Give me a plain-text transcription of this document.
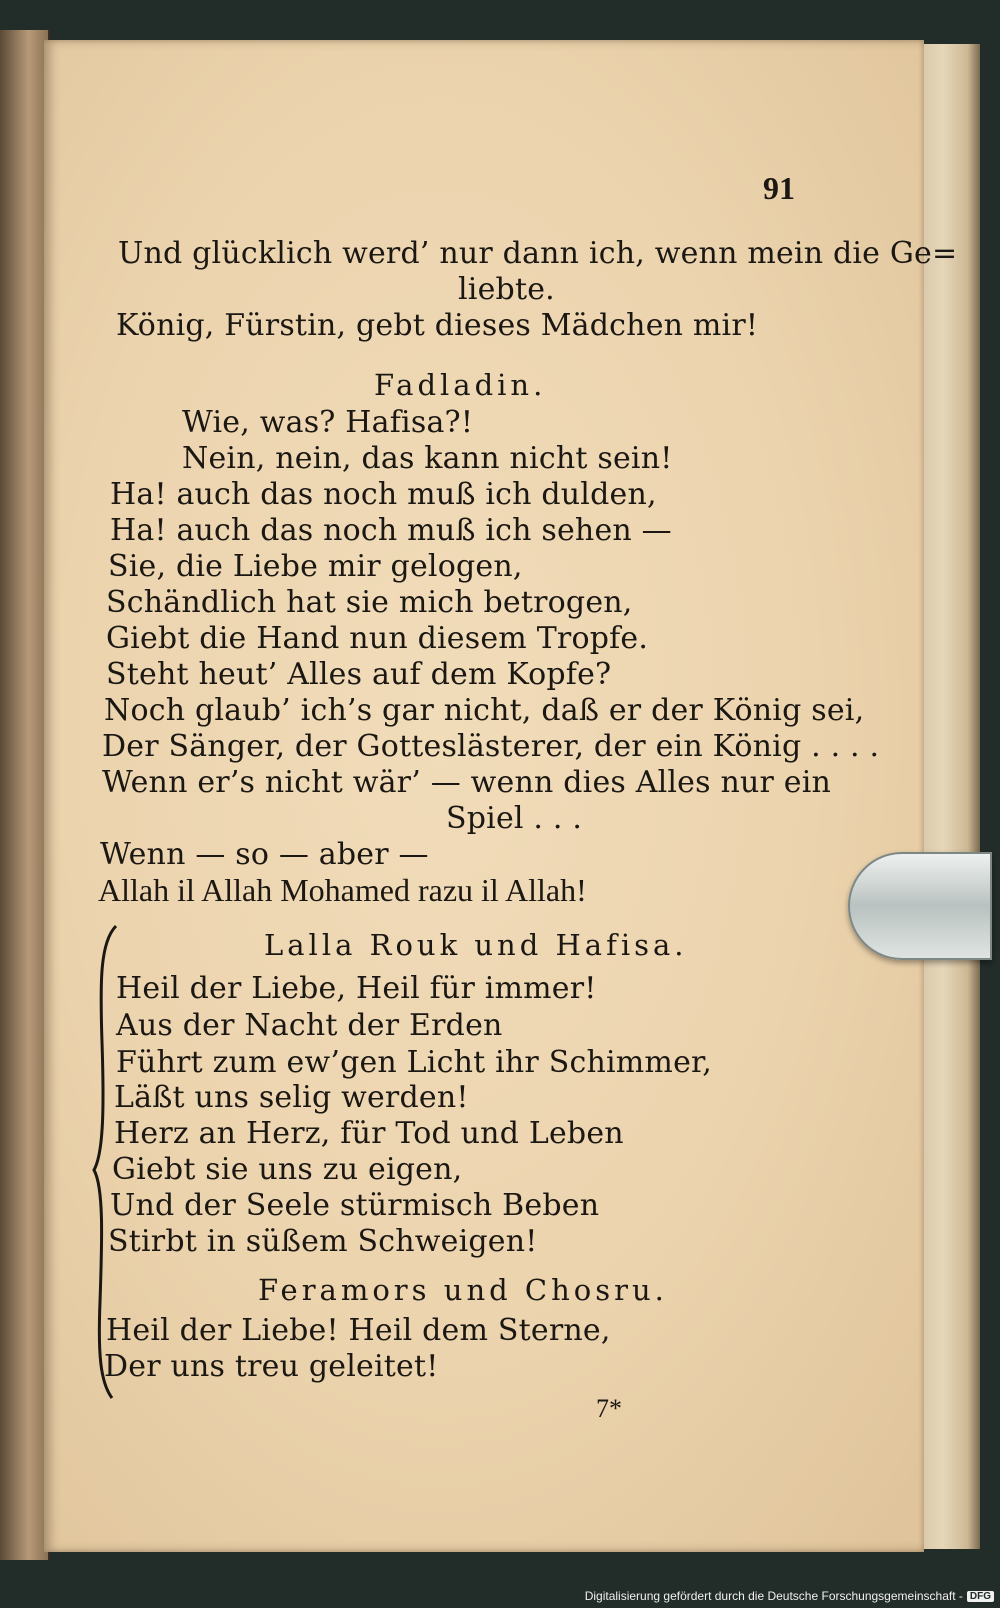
91
Und glücklich werd’ nur dann ich, wenn mein die Ge=
liebte.
König, Fürstin, gebt dieses Mädchen mir!
Fadladin.
Wie, was? Hafisa?!
Nein, nein, das kann nicht sein!
Ha! auch das noch muß ich dulden,
Ha! auch das noch muß ich sehen —
Sie, die Liebe mir gelogen,
Schändlich hat sie mich betrogen,
Giebt die Hand nun diesem Tropfe.
Steht heut’ Alles auf dem Kopfe?
Noch glaub’ ich’s gar nicht, daß er der König sei,
Der Sänger, der Gotteslästerer, der ein König . . . .
Wenn er’s nicht wär’ — wenn dies Alles nur ein
Spiel . . .
Wenn — so — aber —
Allah il Allah Mohamed razu il Allah!
Lalla Rouk und Hafisa.
Heil der Liebe, Heil für immer!
Aus der Nacht der Erden
Führt zum ew’gen Licht ihr Schimmer,
Läßt uns selig werden!
Herz an Herz, für Tod und Leben
Giebt sie uns zu eigen,
Und der Seele stürmisch Beben
Stirbt in süßem Schweigen!
Feramors und Chosru.
Heil der Liebe! Heil dem Sterne,
Der uns treu geleitet!
7*
Digitalisierung gefördert durch die Deutsche Forschungsgemeinschaft - DFG
